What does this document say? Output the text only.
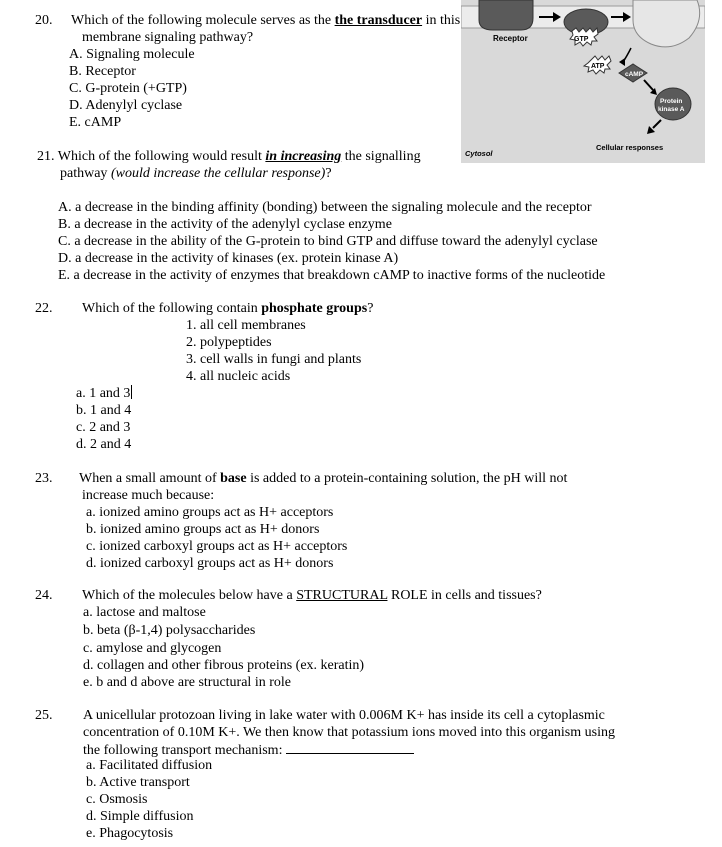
20. Which of the following molecule serves as the the transducer in this
membrane signaling pathway?
A. Signaling molecule
B. Receptor
C. G-protein (+GTP)
D. Adenylyl cyclase
E. cAMP
Receptor	GTP
ATP
cAMP
Protein
kinase A
Cytosol
Cellular responses
21. Which of the following would result in increasing the signalling
pathway (would increase the cellular response)?
A. a decrease in the binding affinity (bonding) between the signaling molecule and the receptor
B. a decrease in the activity of the adenylyl cyclase enzyme
C. a decrease in the ability of the G-protein to bind GTP and diffuse toward the adenylyl cyclase
D. a decrease in the activity of kinases (ex. protein kinase A)
E. a decrease in the activity of enzymes that breakdown cAMP to inactive forms of the nucleotide
22. Which of the following contain phosphate groups?
1. all cell membranes
2. polypeptides
3. cell walls in fungi and plants
4. all nucleic acids
a. 1 and 3
b. 1 and 4
c. 2 and 3
d. 2 and 4
23. When a small amount of base is added to a protein-containing solution, the pH will not
increase much because:
a. ionized amino groups act as H+ acceptors
b. ionized amino groups act as H+ donors
c. ionized carboxyl groups act as H+ acceptors
d. ionized carboxyl groups act as H+ donors
24. Which of the molecules below have a STRUCTURAL ROLE in cells and tissues?
a. lactose and maltose
b. beta (β-1,4) polysaccharides
c. amylose and glycogen
d. collagen and other fibrous proteins (ex. keratin)
e. b and d above are structural in role
25. A unicellular protozoan living in lake water with 0.006M K+ has inside its cell a cytoplasmic
concentration of 0.10M K+. We then know that potassium ions moved into this organism using
the following transport mechanism:
a. Facilitated diffusion
b. Active transport
c. Osmosis
d. Simple diffusion
e. Phagocytosis
